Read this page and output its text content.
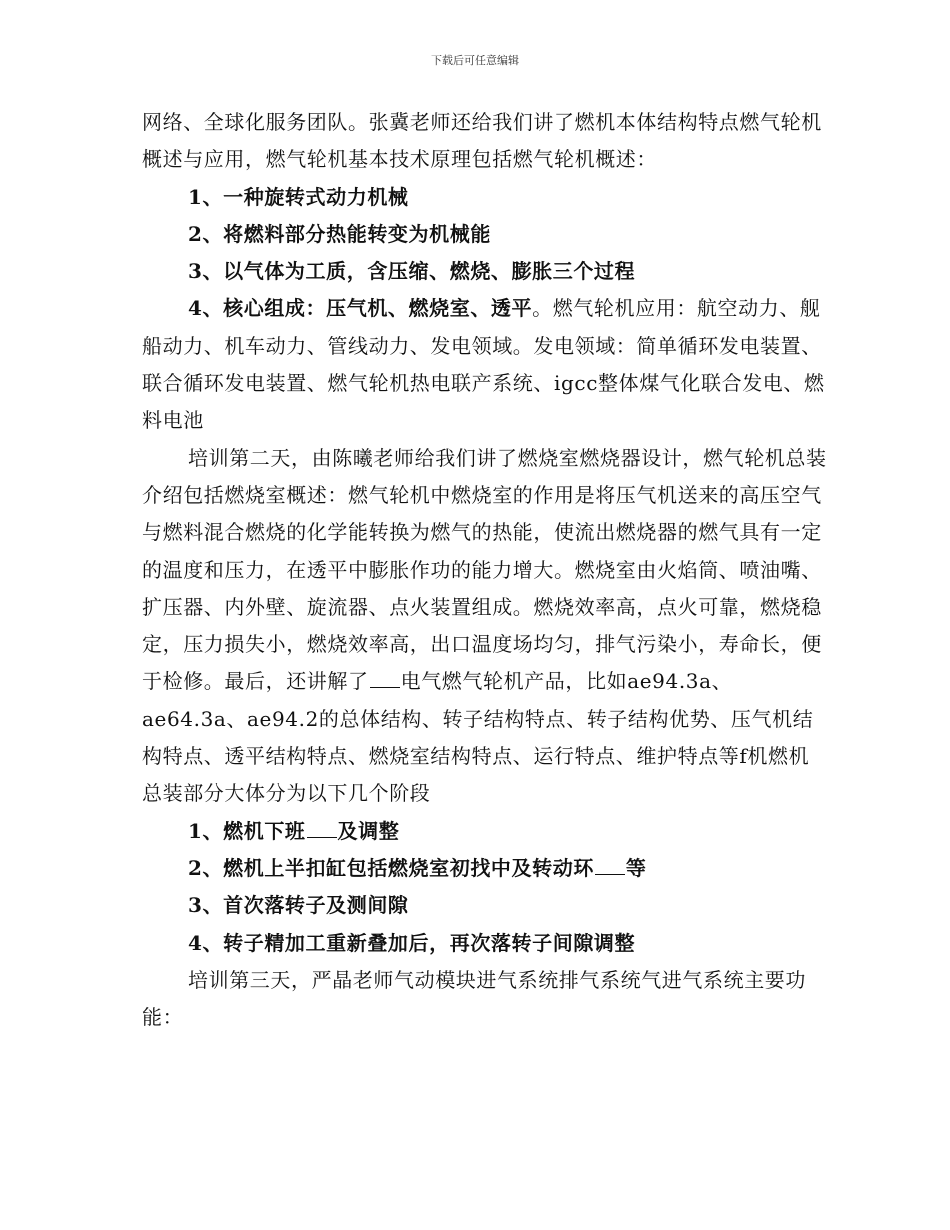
下载后可任意编辑

网络、全球化服务团队。张冀老师还给我们讲了燃机本体结构特点燃气轮机概述与应用，燃气轮机基本技术原理包括燃气轮机概述：

1、一种旋转式动力机械

2、将燃料部分热能转变为机械能

3、以气体为工质，含压缩、燃烧、膨胀三个过程

4、核心组成：压气机、燃烧室、透平。燃气轮机应用：航空动力、舰船动力、机车动力、管线动力、发电领域。发电领域：简单循环发电装置、联合循环发电装置、燃气轮机热电联产系统、igcc整体煤气化联合发电、燃料电池

培训第二天，由陈曦老师给我们讲了燃烧室燃烧器设计，燃气轮机总装介绍包括燃烧室概述：燃气轮机中燃烧室的作用是将压气机送来的高压空气与燃料混合燃烧的化学能转换为燃气的热能，使流出燃烧器的燃气具有一定的温度和压力，在透平中膨胀作功的能力增大。燃烧室由火焰筒、喷油嘴、扩压器、内外壁、旋流器、点火装置组成。燃烧效率高，点火可靠，燃烧稳定，压力损失小，燃烧效率高，出口温度场均匀，排气污染小，寿命长，便于检修。最后，还讲解了 电气燃气轮机产品，比如ae94.3a、ae64.3a、ae94.2的总体结构、转子结构特点、转子结构优势、压气机结构特点、透平结构特点、燃烧室结构特点、运行特点、维护特点等f机燃机总装部分大体分为以下几个阶段

1、燃机下班 及调整

2、燃机上半扣缸包括燃烧室初找中及转动环 等

3、首次落转子及测间隙

4、转子精加工重新叠加后，再次落转子间隙调整

培训第三天，严晶老师气动模块进气系统排气系统气进气系统主要功能：
